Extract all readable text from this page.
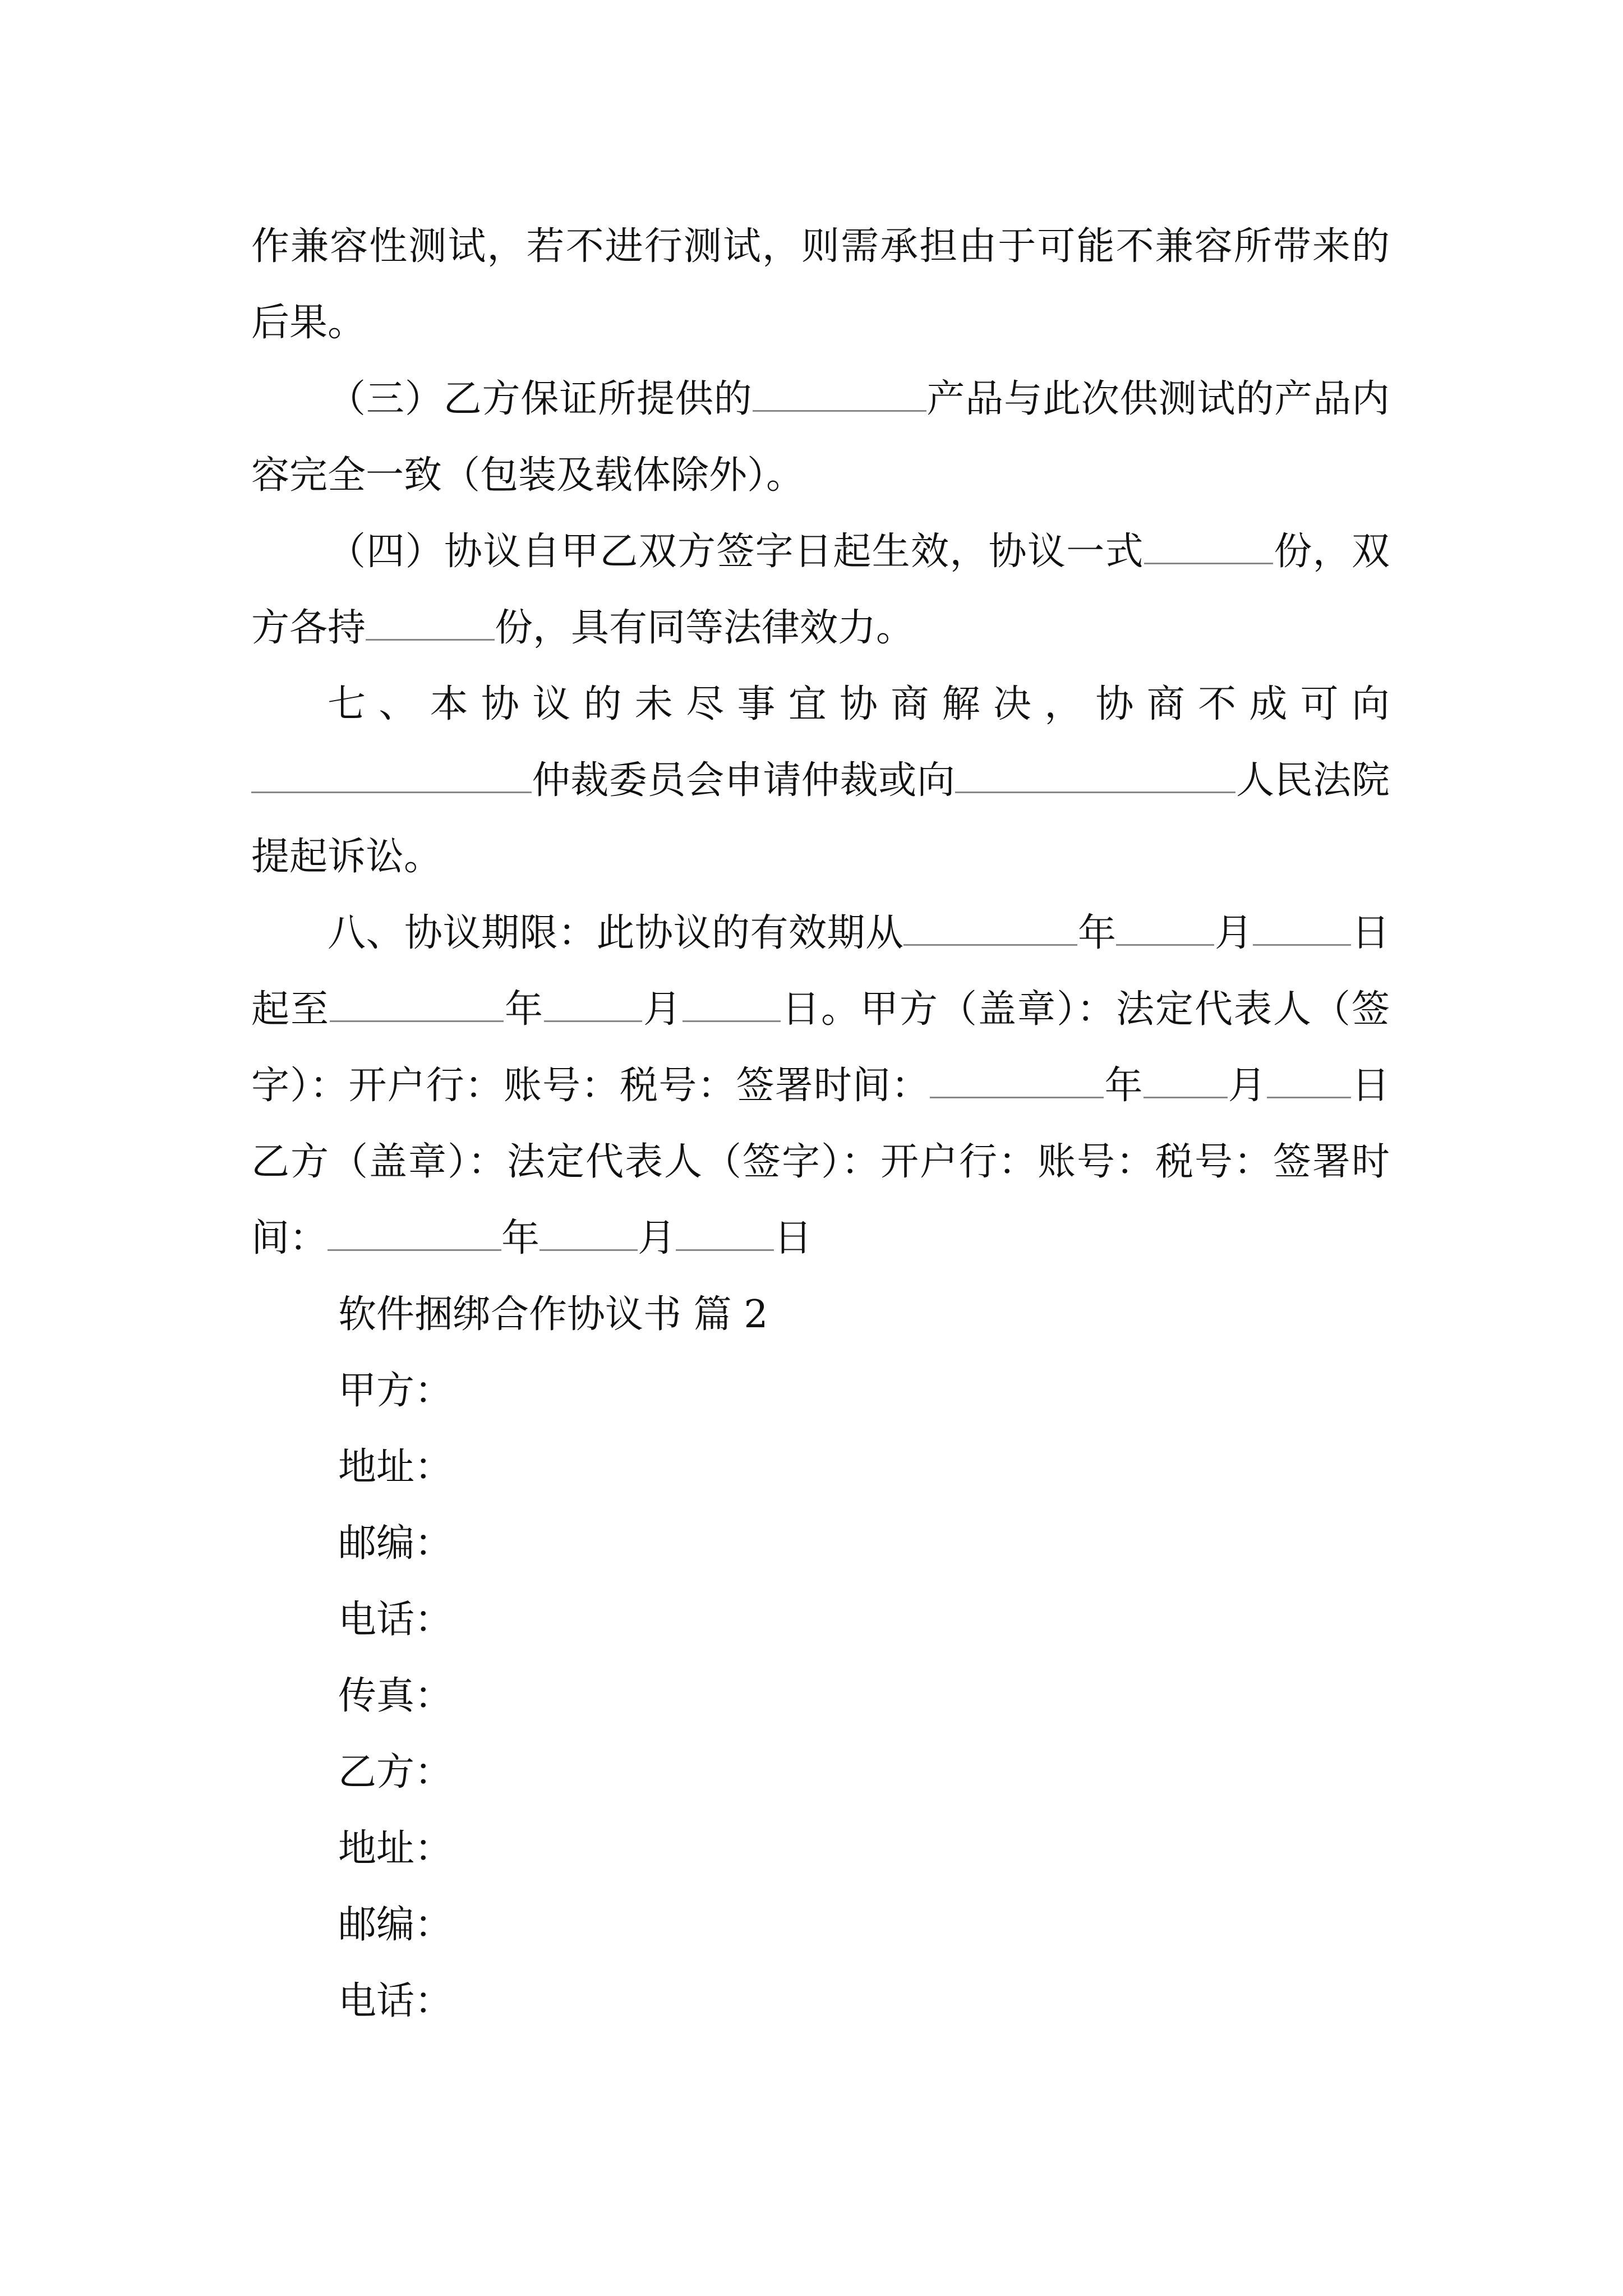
作兼容性测试，若不进行测试，则需承担由于可能不兼容所带来的后果。

（三）乙方保证所提供的	产品与此次供测试的产品内容完全一致（包装及载体除外）。

（四）协议自甲乙双方签字日起生效，协议一式	份，双方各持	份，具有同等法律效力。

七、本协议的未尽事宜协商解决，协商不成可向仲裁委员会申请仲裁或向	人民法院提起诉讼。

八、协议期限：此协议的有效期从	年	月	日起至	年	月	日。甲方（盖章）：法定代表人（签字）：开户行：账号：税号：签署时间：	年 月 日乙方（盖章）：法定代表人（签字）：开户行：账号：税号：签署时间：	年	月	日

软件捆绑合作协议书 篇 2

甲方：

地址：

邮编：

电话：

传真：

乙方：

地址：

邮编：

电话：
